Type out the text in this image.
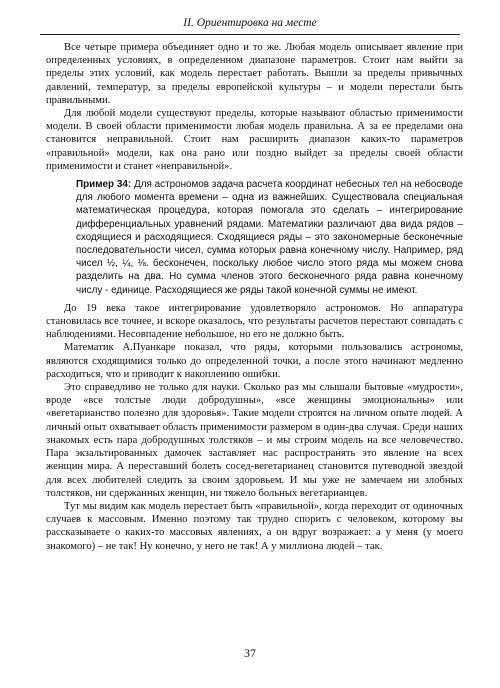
II. Ориентировка на месте

Все четыре примера объединяет одно и то же. Любая модель описывает явление при определенных условиях, в определенном диапазоне параметров. Стоит нам выйти за пределы этих условий, как модель перестает работать. Вышли за пределы привычных давлений, температур, за пределы европейской культуры – и модели перестали быть правильными.

Для любой модели существуют пределы, которые называют областью применимости модели. В своей области применимости любая модель правильна. А за ее пределами она становится неправильной. Стоит нам расширить диапазон каких-то параметров «правильной» модели, как она рано или поздно выйдет за пределы своей области применимости и станет «неправильной».

Пример 34: Для астрономов задача расчета координат небесных тел на небосводе для любого момента времени – одна из важнейших. Существовала специальная математическая процедура, которая помогала это сделать – интегрирование дифференциальных уравнений рядами. Математики различают два вида рядов – сходящиеся и расходящиеся. Сходящиеся ряды – это закономерные бесконечные последовательности чисел, сумма которых равна конечному числу. Например, ряд чисел ½, ¼, ⅛. бесконечен, поскольку любое число этого ряда мы можем снова разделить на два. Но сумма членов этого бесконечного ряда равна конечному числу - единице. Расходящиеся же ряды такой конечной суммы не имеют.

До 19 века такое интегрирование удовлетворяло астрономов. Но аппаратура становилась все точнее, и вскоре оказалось, что результаты расчетов перестают совпадать с наблюдениями. Несовпадение небольшое, но его не должно быть.

Математик А.Пуанкаре показал, что ряды, которыми пользовались астрономы, являются сходящимися только до определенной точки, а после этого начинают медленно расходиться, что и приводит к накоплению ошибки.

Это справедливо не только для науки. Сколько раз мы слышали бытовые «мудрости», вроде «все толстые люди добродушны», «все женщины эмоциональны» или «вегетарианство полезно для здоровья». Такие модели строятся на личном опыте людей. А личный опыт охватывает область применимости размером в один-два случая. Среди наших знакомых есть пара добродушных толстяков – и мы строим модель на все человечество. Пара экзальтированных дамочек заставляет нас распространять это явление на всех женщин мира. А переставший болеть сосед-вегетарианец становится путеводной звездой для всех любителей следить за своим здоровьем. И мы уже не замечаем ни злобных толстяков, ни сдержанных женщин, ни тяжело больных вегетарианцев.

Тут мы видим как модель перестает быть «правильной», когда переходит от одиночных случаев к массовым. Именно поэтому так трудно спорить с человеком, которому вы рассказываете о каких-то массовых явлениях, а он вдруг возражает: а у меня (у моего знакомого) – не так! Ну конечно, у него не так! А у миллиона людей – так.

37
